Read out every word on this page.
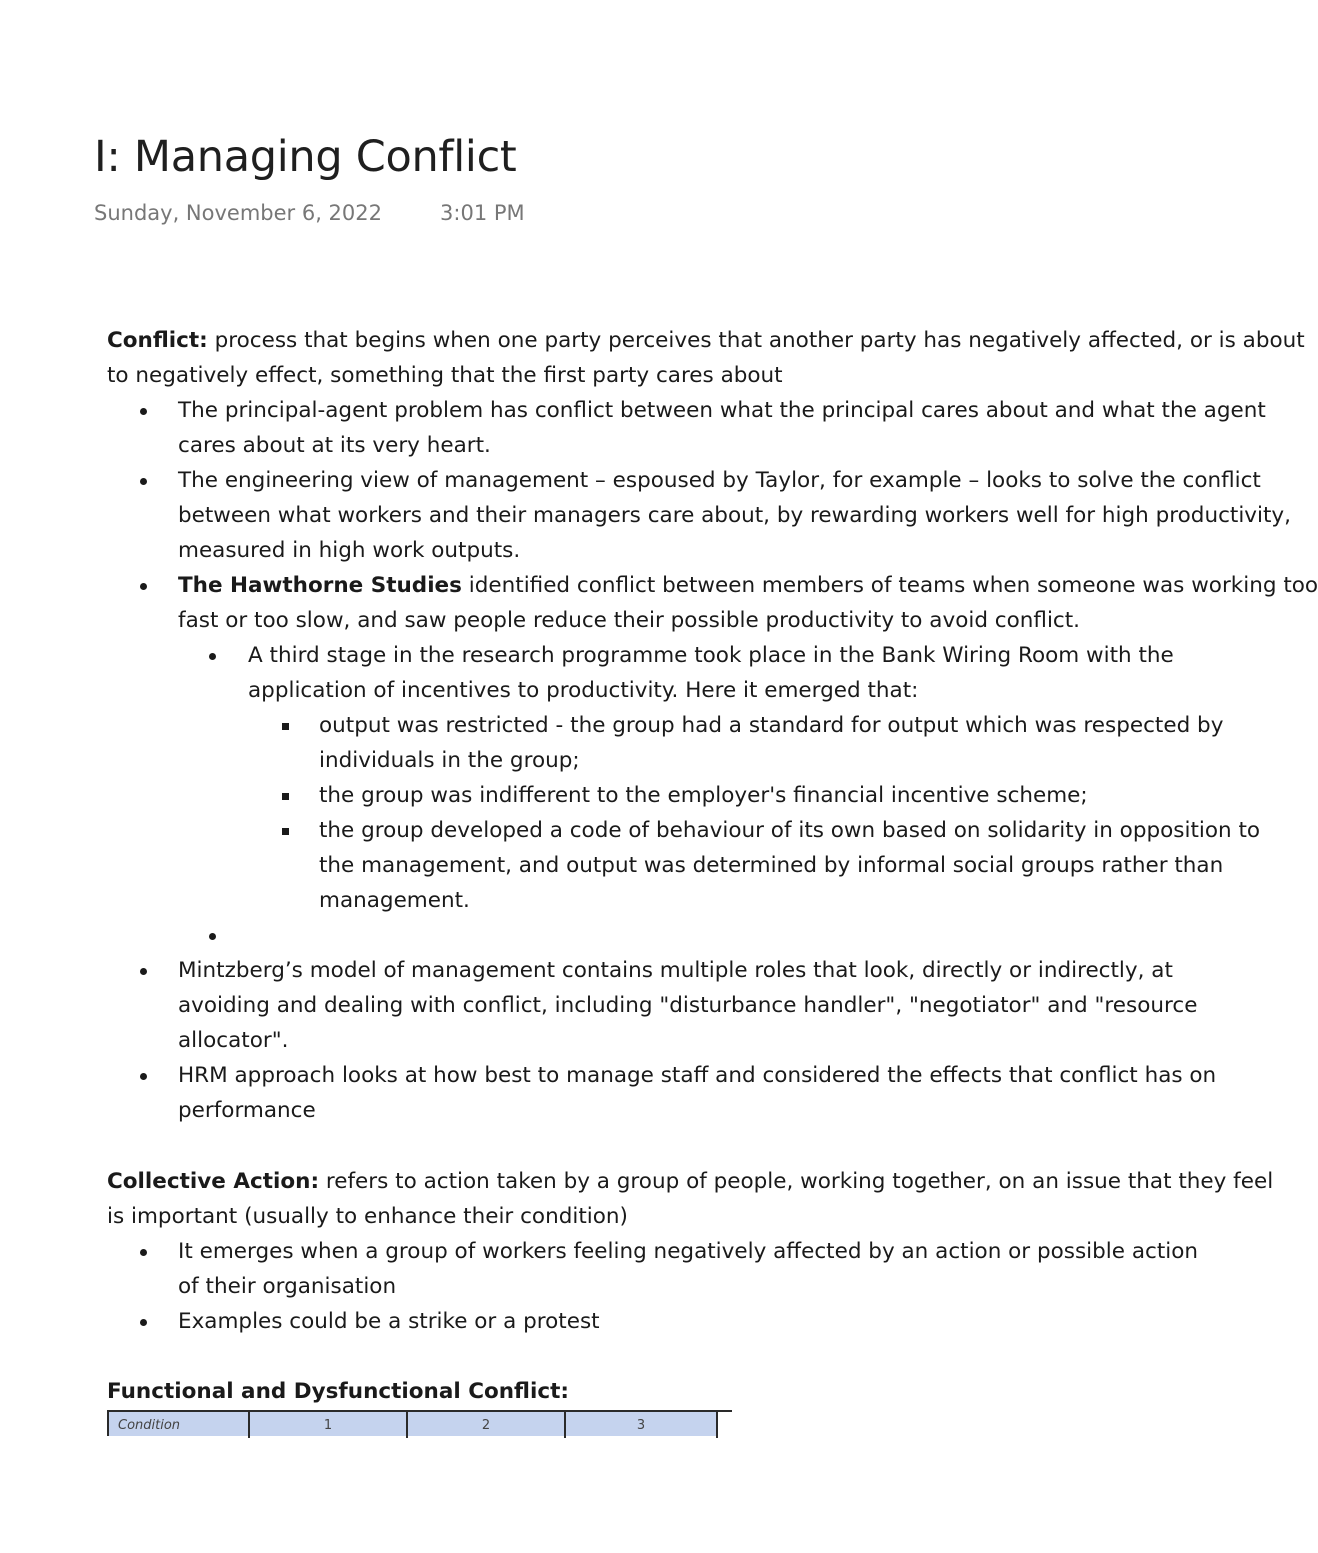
I: Managing Conflict
Sunday, November 6, 2022	3:01 PM
Conflict: process that begins when one party perceives that another party has negatively affected, or is about
to negatively effect, something that the first party cares about
The principal-agent problem has conflict between what the principal cares about and what the agent
cares about at its very heart.
The engineering view of management – espoused by Taylor, for example – looks to solve the conflict
between what workers and their managers care about, by rewarding workers well for high productivity,
measured in high work outputs.
The Hawthorne Studies identified conflict between members of teams when someone was working too
fast or too slow, and saw people reduce their possible productivity to avoid conflict.
A third stage in the research programme took place in the Bank Wiring Room with the
application of incentives to productivity. Here it emerged that:
output was restricted - the group had a standard for output which was respected by
individuals in the group;
the group was indifferent to the employer's financial incentive scheme;
the group developed a code of behaviour of its own based on solidarity in opposition to
the management, and output was determined by informal social groups rather than
management.
Mintzberg’s model of management contains multiple roles that look, directly or indirectly, at
avoiding and dealing with conflict, including "disturbance handler", "negotiator" and "resource
allocator".
HRM approach looks at how best to manage staff and considered the effects that conflict has on
performance
Collective Action: refers to action taken by a group of people, working together, on an issue that they feel
is important (usually to enhance their condition)
It emerges when a group of workers feeling negatively affected by an action or possible action
of their organisation
Examples could be a strike or a protest
Functional and Dysfunctional Conflict:
Condition	1	2	3
